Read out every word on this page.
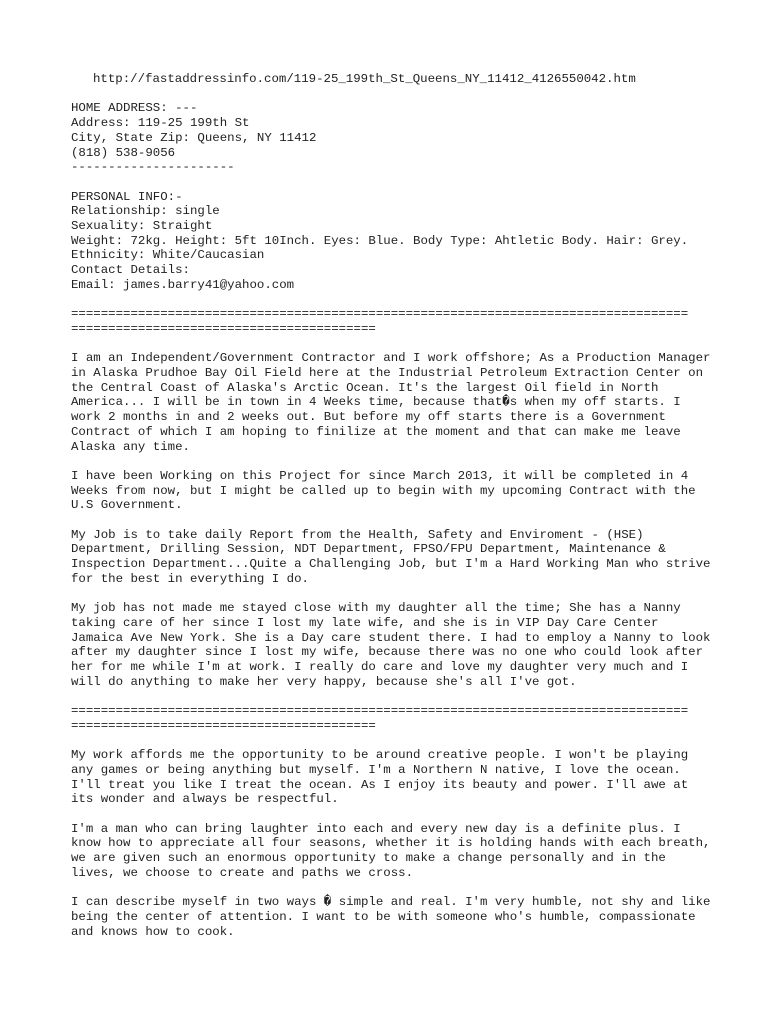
http://fastaddressinfo.com/119-25_199th_St_Queens_NY_11412_4126550042.htm
HOME ADDRESS: ---
Address: 119-25 199th St
City, State Zip: Queens, NY 11412
(818) 538-9056
----------------------
PERSONAL INFO:-
Relationship: single
Sexuality: Straight
Weight: 72kg. Height: 5ft 10Inch. Eyes: Blue. Body Type: Ahtletic Body. Hair: Grey.
Ethnicity: White/Caucasian
Contact Details:
Email: james.barry41@yahoo.com
===================================================================================
=========================================
I am an Independent/Government Contractor and I work offshore; As a Production Manager in Alaska Prudhoe Bay Oil Field here at the Industrial Petroleum Extraction Center on the Central Coast of Alaska's Arctic Ocean. It's the largest Oil field in North America... I will be in town in 4 Weeks time, because that�s when my off starts. I work 2 months in and 2 weeks out. But before my off starts there is a Government Contract of which I am hoping to finilize at the moment and that can make me leave Alaska any time.
I have been Working on this Project for since March 2013, it will be completed in 4 Weeks from now, but I might be called up to begin with my upcoming Contract with the U.S Government.
My Job is to take daily Report from the Health, Safety and Enviroment - (HSE) Department, Drilling Session, NDT Department, FPSO/FPU Department, Maintenance & Inspection Department...Quite a Challenging Job, but I'm a Hard Working Man who strive for the best in everything I do.
My job has not made me stayed close with my daughter all the time; She has a Nanny taking care of her since I lost my late wife, and she is in VIP Day Care Center Jamaica Ave New York. She is a Day care student there. I had to employ a Nanny to look after my daughter since I lost my wife, because there was no one who could look after her for me while I'm at work. I really do care and love my daughter very much and I will do anything to make her very happy, because she's all I've got.
===================================================================================
=========================================
My work affords me the opportunity to be around creative people. I won't be playing any games or being anything but myself. I'm a Northern N native, I love the ocean. I'll treat you like I treat the ocean. As I enjoy its beauty and power. I'll awe at its wonder and always be respectful.
I'm a man who can bring laughter into each and every new day is a definite plus. I know how to appreciate all four seasons, whether it is holding hands with each breath, we are given such an enormous opportunity to make a change personally and in the lives, we choose to create and paths we cross.
I can describe myself in two ways � simple and real. I'm very humble, not shy and like being the center of attention. I want to be with someone who's humble, compassionate and knows how to cook.
